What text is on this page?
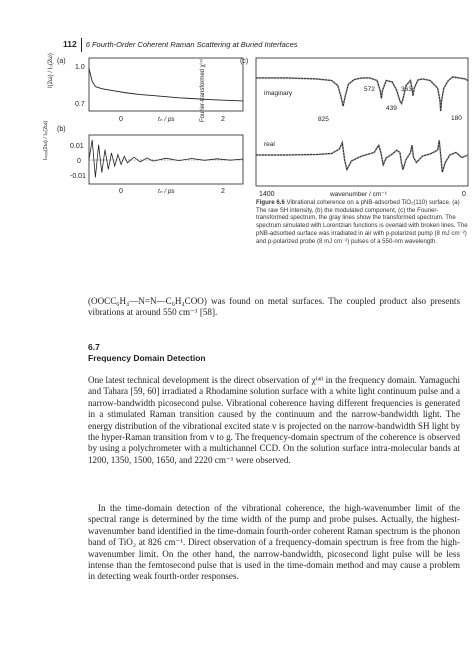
112 6 Fourth-Order Coherent Raman Scattering at Buried Interfaces
(a)
I(2ω) / I₀(2ω)	1.0
0.7
0	2
tₙ / ps
(b)
Iₘₒₓ(2ω) / I₀(2ω)	0.01
0
-0.01
0	2
tₙ / ps
(c)
Fourier-transformed χ⁽⁴⁾	imaginary
real
572	363
439
825	180
1400	0
wavenumber / cm⁻¹
Figure 6.6 Vibrational coherence on a pNB-adsorbed TiO₂(110) surface. (a) The raw SH intensity, (b) the modulated component, (c) the Fourier-transformed spectrum, the gray lines show the transformed spectrum. The spectrum simulated with Lorentzian functions is overlaid with broken lines. The pNB-adsorbed surface was irradiated in air with p-polarized pump (8 mJ cm⁻²) and p-polarized probe (8 mJ cm⁻²) pulses of a 550-nm wavelength.

(OOCC₆H₄—N=N—C₆H₄COO) was found on metal surfaces. The coupled product also presents vibrations at around 550 cm⁻¹ [58].

6.7
Frequency Domain Detection

One latest technical development is the direct observation of χ⁽⁴⁾ in the frequency domain. Yamaguchi and Tahara [59, 60] irradiated a Rhodamine solution surface with a white light continuum pulse and a narrow-bandwidth picosecond pulse. Vibrational coherence having different frequencies is generated in a stimulated Raman transition caused by the continuum and the narrow-bandwidth light. The energy distribution of the vibrational excited state v is projected on the narrow-bandwidth SH light by the hyper-Raman transition from v to g. The frequency-domain spectrum of the coherence is observed by using a polychrometer with a multichannel CCD. On the solution surface intra-molecular bands at 1200, 1350, 1500, 1650, and 2220 cm⁻¹ were observed.

In the time-domain detection of the vibrational coherence, the high-wavenumber limit of the spectral range is determined by the time width of the pump and probe pulses. Actually, the highest-wavenumber band identified in the time-domain fourth-order coherent Raman spectrum is the phonon band of TiO₂ at 826 cm⁻¹. Direct observation of a frequency-domain spectrum is free from the high-wavenumber limit. On the other hand, the narrow-bandwidth, picosecond light pulse will be less intense than the femtosecond pulse that is used in the time-domain method and may cause a problem in detecting weak fourth-order responses.
